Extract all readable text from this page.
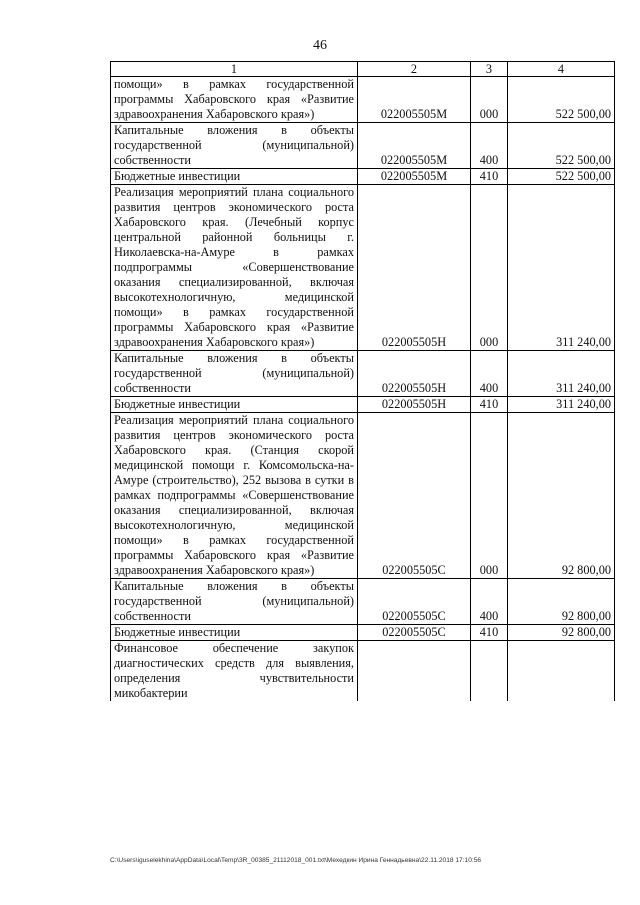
46
1	2	3	4
помощи» в рамках государственной программы Хабаровского края «Развитие здравоохранения Хабаровского края»)	022005505М	000	522 500,00
Капитальные вложения в объекты государственной (муниципальной) собственности	022005505М	400	522 500,00
Бюджетные инвестиции	022005505М	410	522 500,00
Реализация мероприятий плана социального развития центров экономического роста Хабаровского края. (Лечебный корпус центральной районной больницы г. Николаевска-на-Амуре в рамках подпрограммы «Совершенствование оказания специализированной, включая высокотехнологичную, медицинской помощи» в рамках государственной программы Хабаровского края «Развитие здравоохранения Хабаровского края»)	022005505Н	000	311 240,00
Капитальные вложения в объекты государственной (муниципальной) собственности	022005505Н	400	311 240,00
Бюджетные инвестиции	022005505Н	410	311 240,00
Реализация мероприятий плана социального развития центров экономического роста Хабаровского края. (Станция скорой медицинской помощи г. Комсомольска-на-Амуре (строительство), 252 вызова в сутки в рамках подпрограммы «Совершенствование оказания специализированной, включая высокотехнологичную, медицинской помощи» в рамках государственной программы Хабаровского края «Развитие здравоохранения Хабаровского края»)	022005505С	000	92 800,00
Капитальные вложения в объекты государственной (муниципальной) собственности	022005505С	400	92 800,00
Бюджетные инвестиции	022005505С	410	92 800,00
Финансовое обеспечение закупок диагностических средств для выявления, определения чувствительности микобактерии			
C:\Users\iguselekhina\AppData\Local\Temp\3R_00385_21112018_001.txt\Мехедкин Ирина Геннадьевна\22.11.2018 17:10:56
